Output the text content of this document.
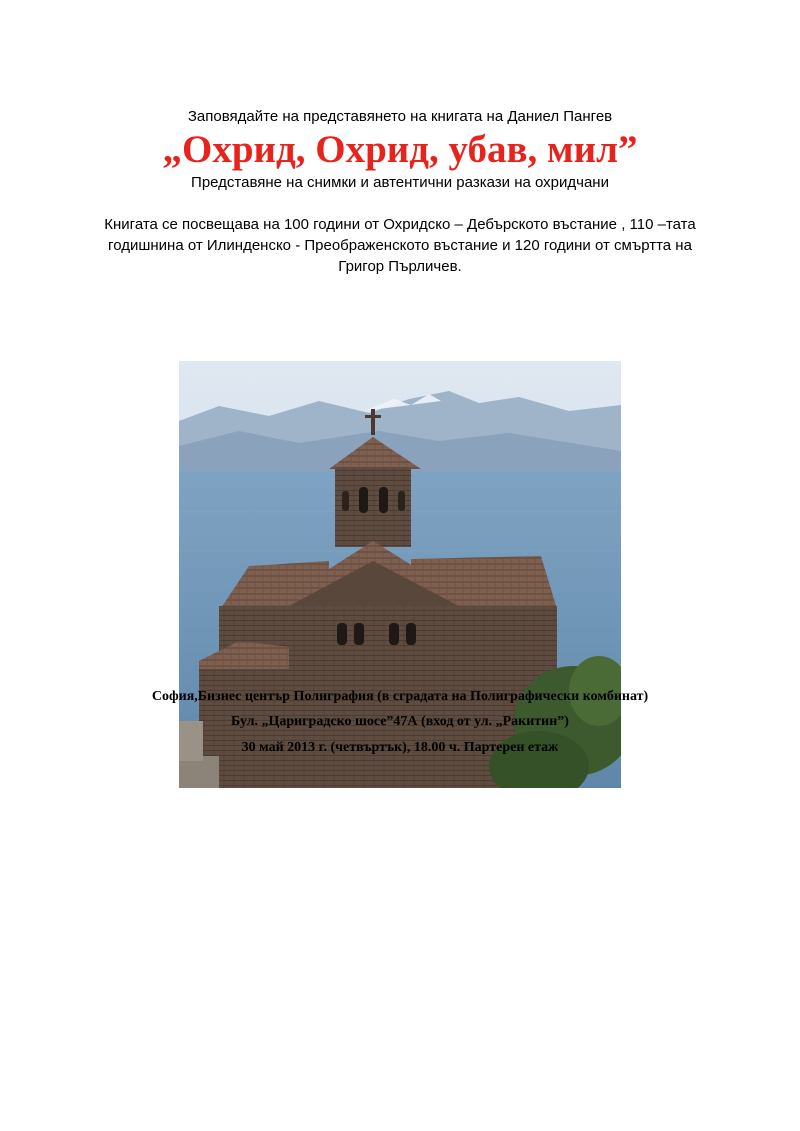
Заповядайте на представянето на книгата на Даниел Пангев
„Охрид, Охрид, убав, мил”
Представяне на снимки и автентични разкази на охридчани
Книгата се посвещава на 100 години от Охридско – Дебърското въстание , 110 –тата
годишнина от Илинденско - Преображенското въстание и 120 години от смъртта на
Григор Пърличев.
София,Бизнес център Полиграфия (в сградата на Полиграфически комбинат)
Бул. „Цариградско шосе”47А (вход от ул. „Ракитин”)
30 май 2013 г. (четвъртък), 18.00 ч. Партерен етаж
